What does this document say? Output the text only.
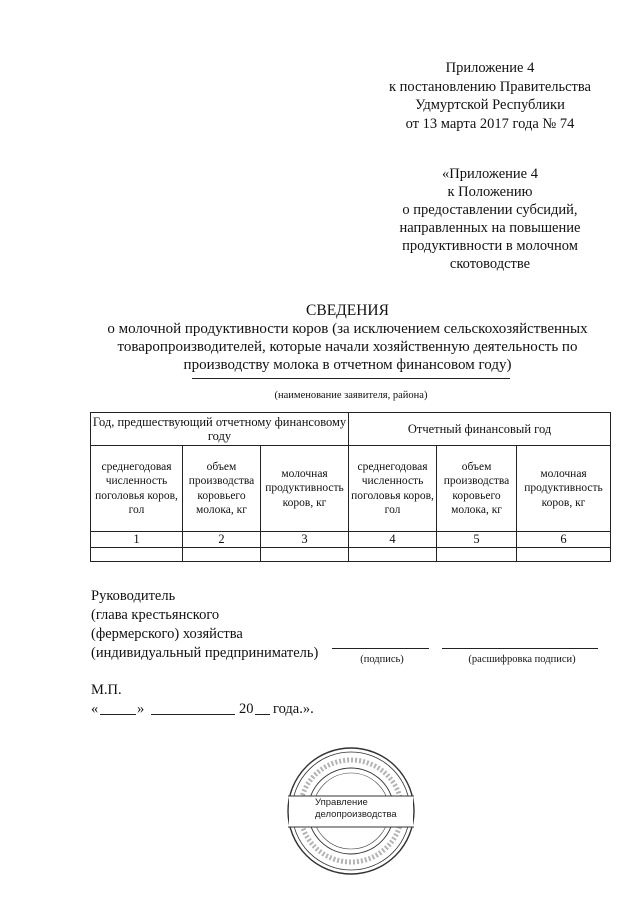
Приложение 4
к постановлению Правительства
Удмуртской Республики
от 13 марта 2017 года № 74
«Приложение 4
к Положению
о предоставлении субсидий,
направленных на повышение
продуктивности в молочном
скотоводстве
СВЕДЕНИЯ
о молочной продуктивности коров (за исключением сельскохозяйственных
товаропроизводителей, которые начали хозяйственную деятельность по
производству молока в отчетном финансовом году)
(наименование заявителя, района)
Год, предшествующий отчетному финансовому году			Отчетный финансовый год		
среднегодовая численность поголовья коров, гол	объем производства коровьего молока, кг	молочная продуктивность коров, кг	среднегодовая численность поголовья коров, гол	объем производства коровьего молока, кг	молочная продуктивность коров, кг
1	2	3	4	5	6

Руководитель
(глава крестьянского
(фермерского) хозяйства
(индивидуальный предприниматель)	(подпись)	(расшифровка подписи)
М.П.
«	»	20 года.».
Управление
делопроизводства
